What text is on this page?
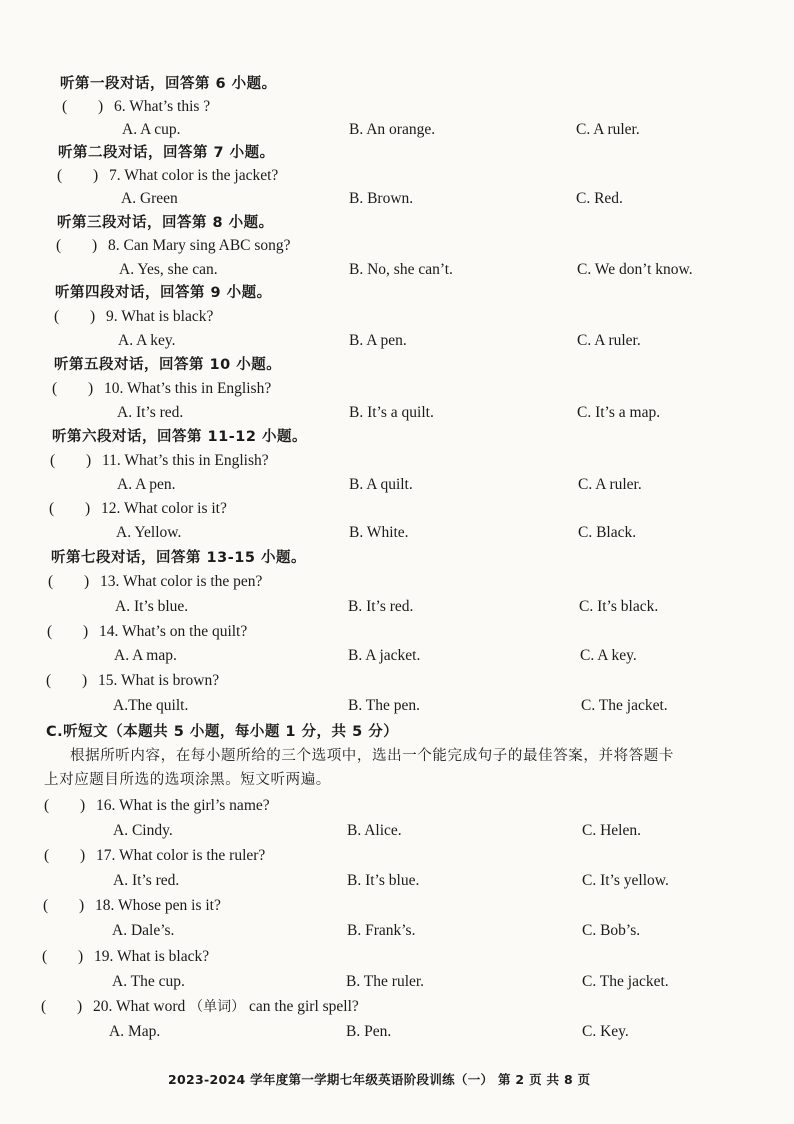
听第一段对话，回答第 6 小题。
( ) 6. What’s this ?
A. A cup.	B. An orange.	C. A ruler.
听第二段对话，回答第 7 小题。
( ) 7. What color is the jacket?
A. Green	B. Brown.	C. Red.
听第三段对话，回答第 8 小题。
( ) 8. Can Mary sing ABC song?
A. Yes, she can.	B. No, she can’t.	C. We don’t know.
听第四段对话，回答第 9 小题。
( ) 9. What is black?
A. A key.	B. A pen.	C. A ruler.
听第五段对话，回答第 10 小题。
( ) 10. What’s this in English?
A. It’s red.	B. It’s a quilt.	C. It’s a map.
听第六段对话，回答第 11-12 小题。
( ) 11. What’s this in English?
A. A pen.	B. A quilt.	C. A ruler.
( ) 12. What color is it?
A. Yellow.	B. White.	C. Black.
听第七段对话，回答第 13-15 小题。
( ) 13. What color is the pen?
A. It’s blue.	B. It’s red.	C. It’s black.
( ) 14. What’s on the quilt?
A. A map.	B. A jacket.	C. A key.
( ) 15. What is brown?
A.The quilt.	B. The pen.	C. The jacket.
C.听短文（本题共 5 小题，每小题 1 分，共 5 分）
根据所听内容，在每小题所给的三个选项中，选出一个能完成句子的最佳答案，并将答题卡
上对应题目所选的选项涂黑。短文听两遍。
( ) 16. What is the girl’s name?
A. Cindy.	B. Alice.	C. Helen.
( ) 17. What color is the ruler?
A. It’s red.	B. It’s blue.	C. It’s yellow.
( ) 18. Whose pen is it?
A. Dale’s.	B. Frank’s.	C. Bob’s.
( ) 19. What is black?
A. The cup.	B. The ruler.	C. The jacket.
( ) 20. What word （单词） can the girl spell?
A. Map.	B. Pen.	C. Key.
2023-2024 学年度第一学期七年级英语阶段训练（一） 第 2 页 共 8 页
